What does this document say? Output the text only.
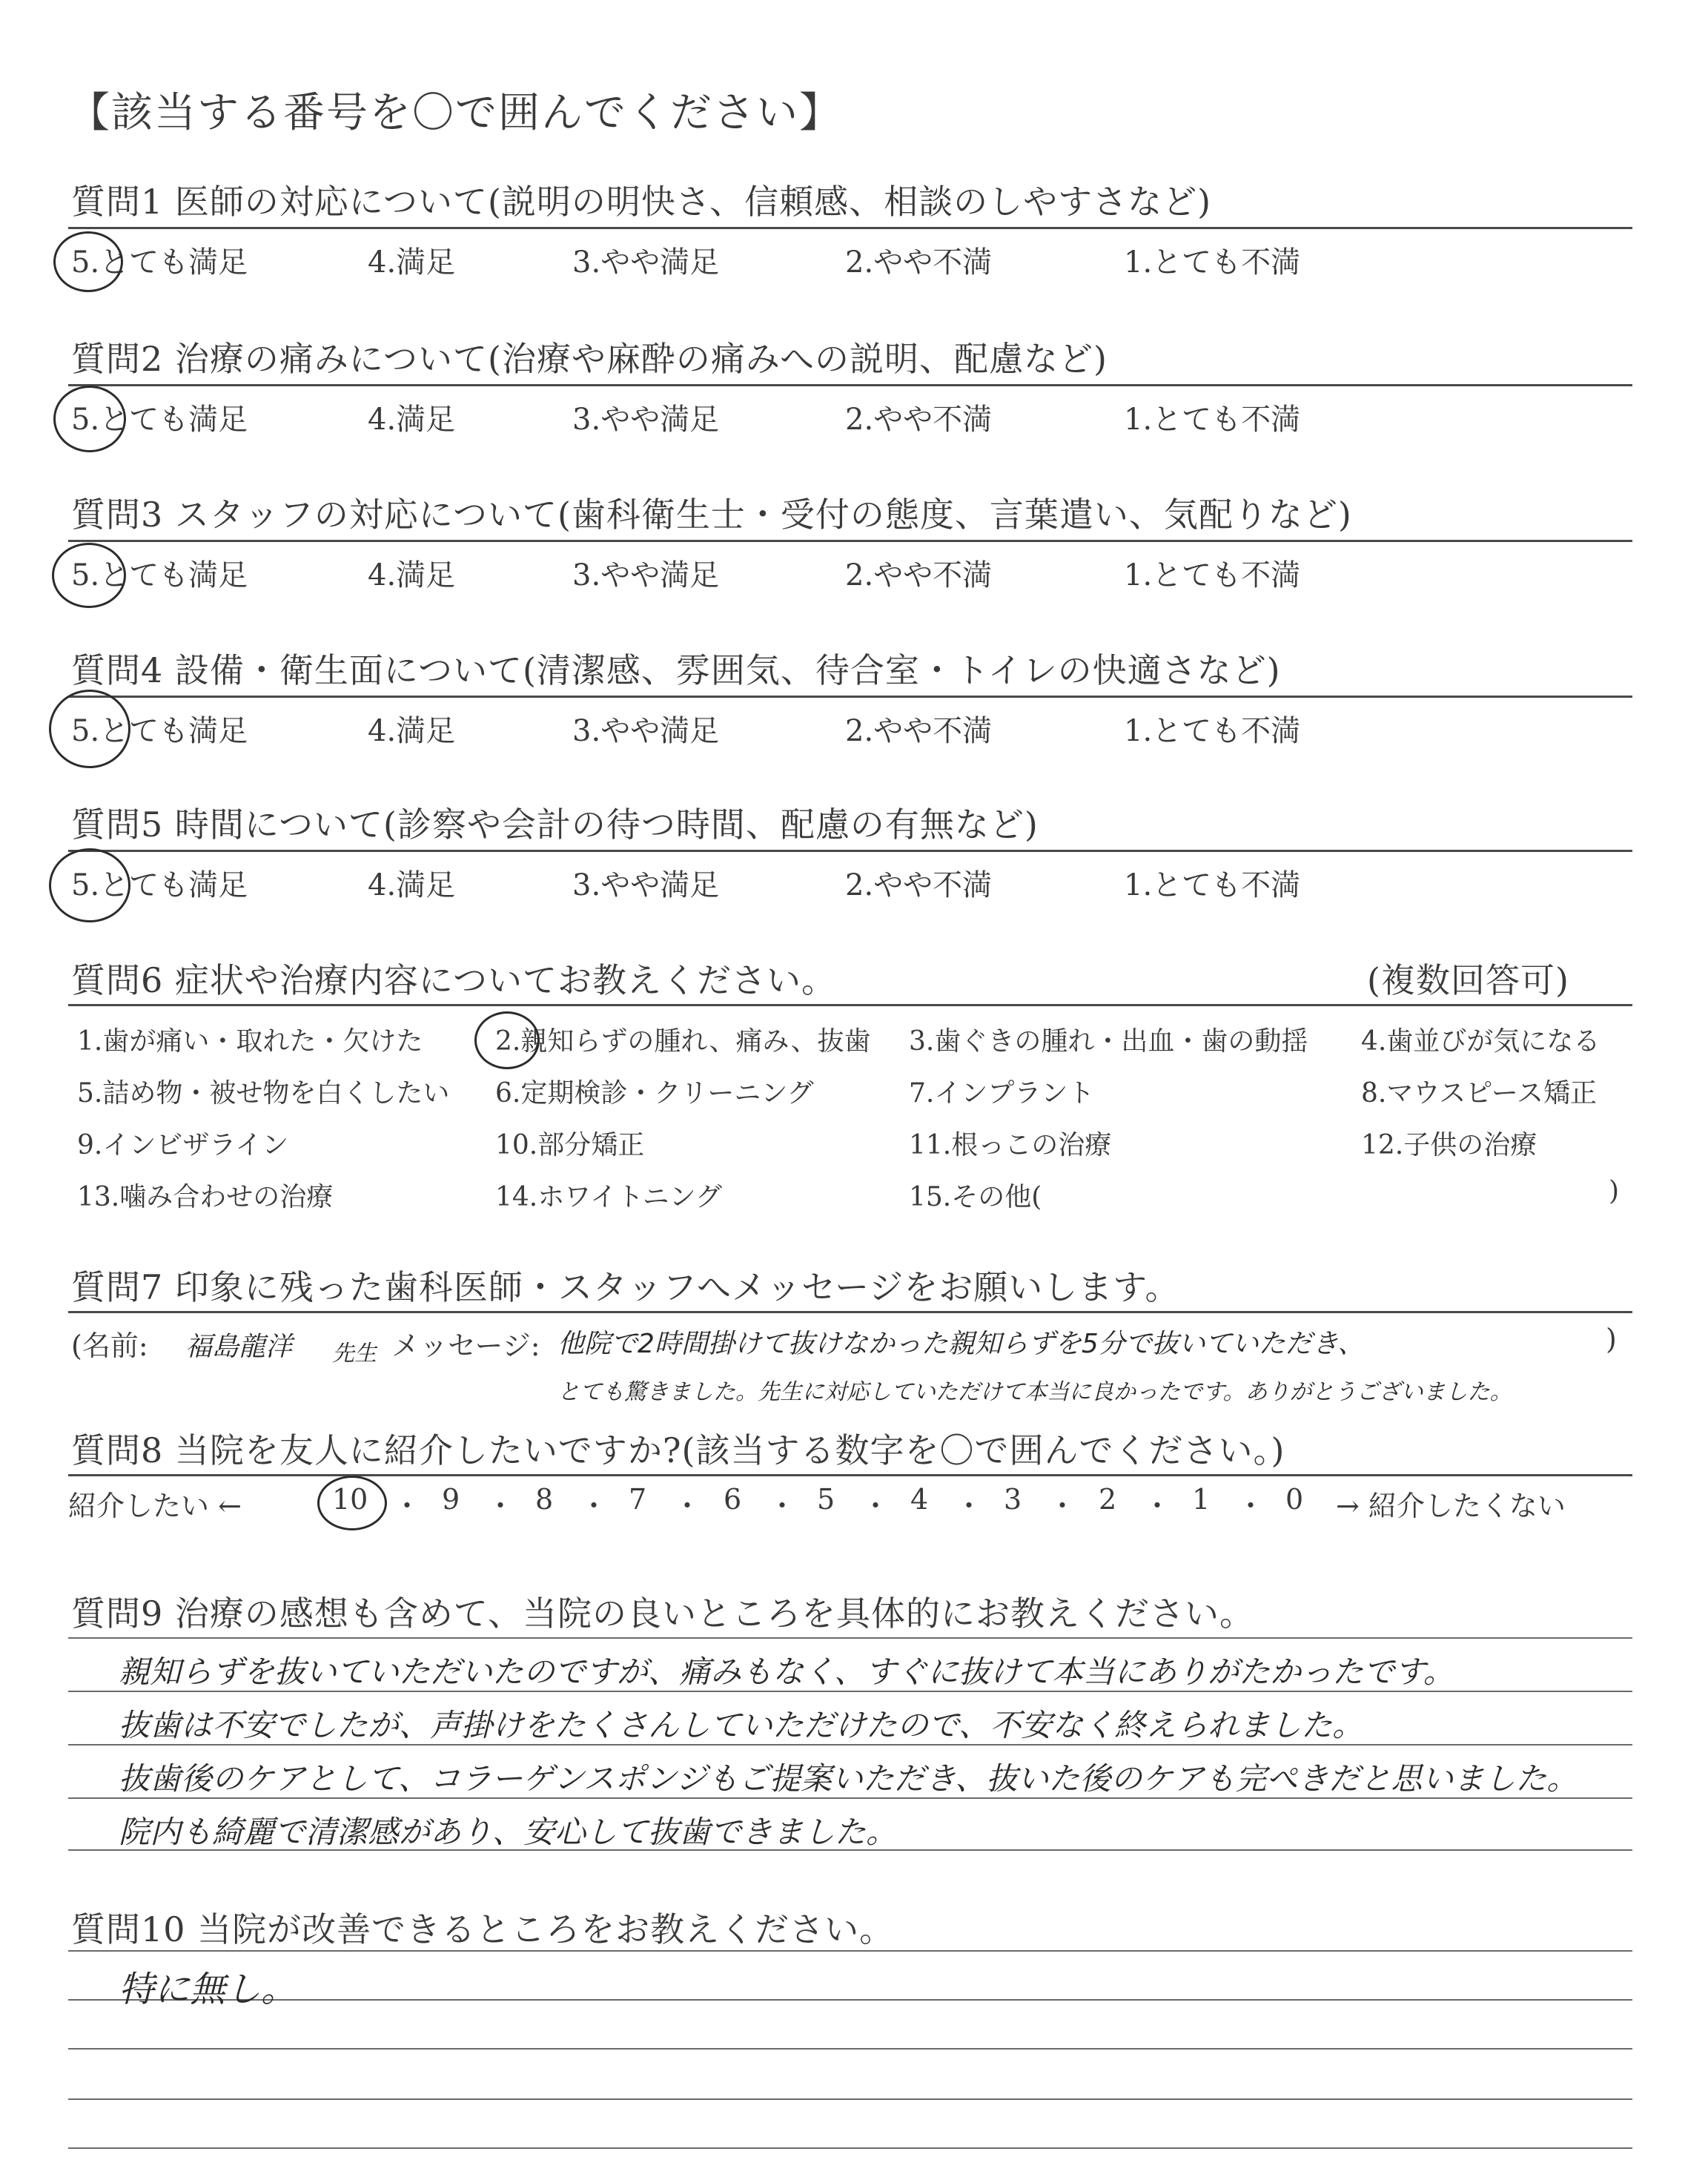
【該当する番号を〇で囲んでください】
質問1 医師の対応について(説明の明快さ、信頼感、相談のしやすさなど)
5.とても満足	4.満足	3.やや満足	2.やや不満	1.とても不満
質問2 治療の痛みについて(治療や麻酔の痛みへの説明、配慮など)
5.とても満足	4.満足	3.やや満足	2.やや不満	1.とても不満
質問3 スタッフの対応について(歯科衛生士・受付の態度、言葉遣い、気配りなど)
5.とても満足	4.満足	3.やや満足	2.やや不満	1.とても不満
質問4 設備・衛生面について(清潔感、雰囲気、待合室・トイレの快適さなど)
5.とても満足	4.満足	3.やや満足	2.やや不満	1.とても不満
質問5 時間について(診察や会計の待つ時間、配慮の有無など)
5.とても満足	4.満足	3.やや満足	2.やや不満	1.とても不満
質問6 症状や治療内容についてお教えください。	(複数回答可)
1.歯が痛い・取れた・欠けた	2.親知らずの腫れ、痛み、抜歯 3.歯ぐきの腫れ・出血・歯の動揺 4.歯並びが気になる
5.詰め物・被せ物を白くしたい 6.定期検診・クリーニング	7.インプラント	8.マウスピース矯正
9.インビザライン	10.部分矯正	11.根っこの治療	12.子供の治療
13.噛み合わせの治療	14.ホワイトニング	15.その他(	)
質問7 印象に残った歯科医師・スタッフへメッセージをお願いします。
(名前: 福島龍洋 先生 メッセージ: 他院で2時間掛けて抜けなかった親知らずを5分で抜いていただき、	)
とても驚きました。先生に対応していただけて本当に良かったです。ありがとうございました。
質問8 当院を友人に紹介したいですか?(該当する数字を〇で囲んでください。)
紹介したい ←	10	9	8	7	6	5	4	3	2	1	0
・ ・ ・ ・ ・ ・ ・ ・ ・ ・	→ 紹介したくない
質問9 治療の感想も含めて、当院の良いところを具体的にお教えください。
親知らずを抜いていただいたのですが、痛みもなく、すぐに抜けて本当にありがたかったです。
抜歯は不安でしたが、声掛けをたくさんしていただけたので、不安なく終えられました。
抜歯後のケアとして、コラーゲンスポンジもご提案いただき、抜いた後のケアも完ぺきだと思いました。
院内も綺麗で清潔感があり、安心して抜歯できました。
質問10 当院が改善できるところをお教えください。
特に無し。
